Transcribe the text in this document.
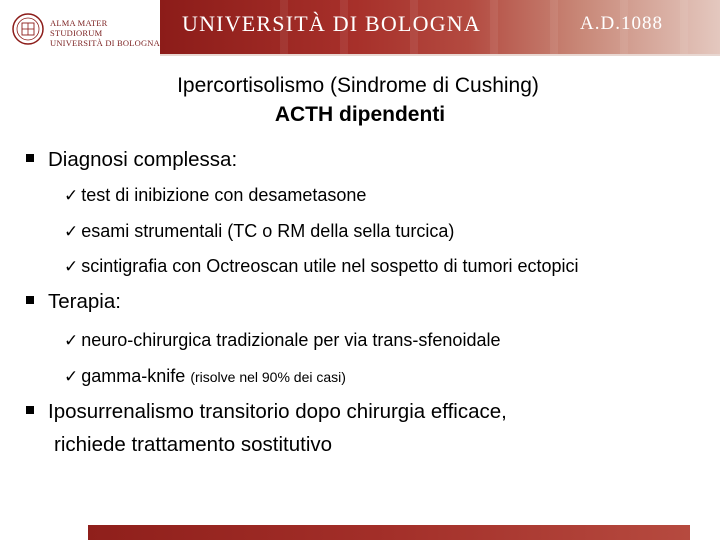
ALMA MATER STUDIORUM
UNIVERSITÀ DI BOLOGNA
UNIVERSITÀ DI BOLOGNA	A.D.1088
Ipercortisolismo (Sindrome di Cushing)
ACTH dipendenti
Diagnosi complessa:
✓ test di inibizione con desametasone
✓ esami strumentali (TC o RM della sella turcica)
✓ scintigrafia con Octreoscan utile nel sospetto di tumori ectopici
Terapia:
✓ neuro-chirurgica tradizionale per via trans-sfenoidale
✓ gamma-knife (risolve nel 90% dei casi)
Iposurrenalismo transitorio dopo chirurgia efficace,
richiede trattamento sostitutivo
